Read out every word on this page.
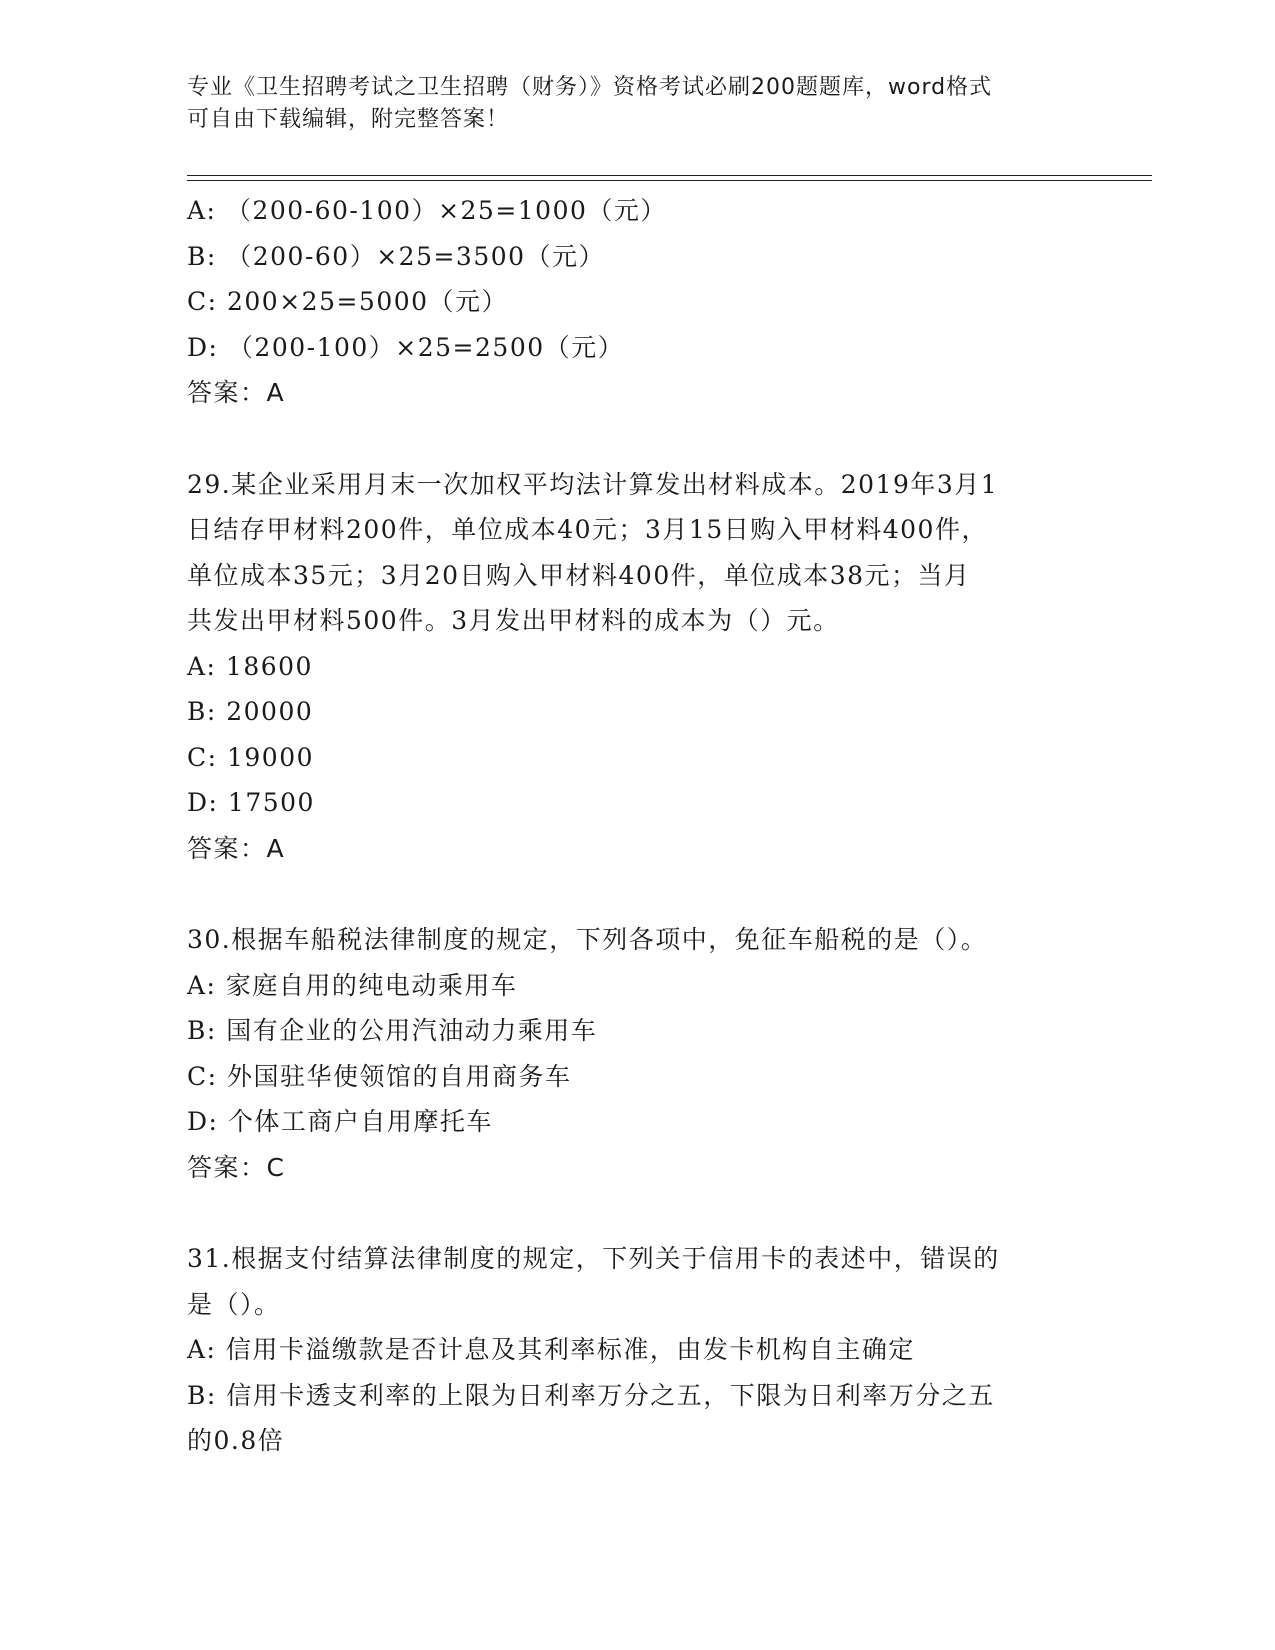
专业《卫生招聘考试之卫生招聘（财务）》资格考试必刷200题题库，word格式
可自由下载编辑，附完整答案！
A: （200-60-100）×25=1000（元）
B: （200-60）×25=3500（元）
C: 200×25=5000（元）
D: （200-100）×25=2500（元）
答案：A
29.某企业采用月末一次加权平均法计算发出材料成本。2019年3月1
日结存甲材料200件，单位成本40元；3月15日购入甲材料400件，
单位成本35元；3月20日购入甲材料400件，单位成本38元；当月
共发出甲材料500件。3月发出甲材料的成本为（）元。
A: 18600
B: 20000
C: 19000
D: 17500
答案：A
30.根据车船税法律制度的规定，下列各项中，免征车船税的是（）。
A: 家庭自用的纯电动乘用车
B: 国有企业的公用汽油动力乘用车
C: 外国驻华使领馆的自用商务车
D: 个体工商户自用摩托车
答案：C
31.根据支付结算法律制度的规定，下列关于信用卡的表述中，错误的
是（）。
A: 信用卡溢缴款是否计息及其利率标准，由发卡机构自主确定
B: 信用卡透支利率的上限为日利率万分之五，下限为日利率万分之五
的0.8倍
